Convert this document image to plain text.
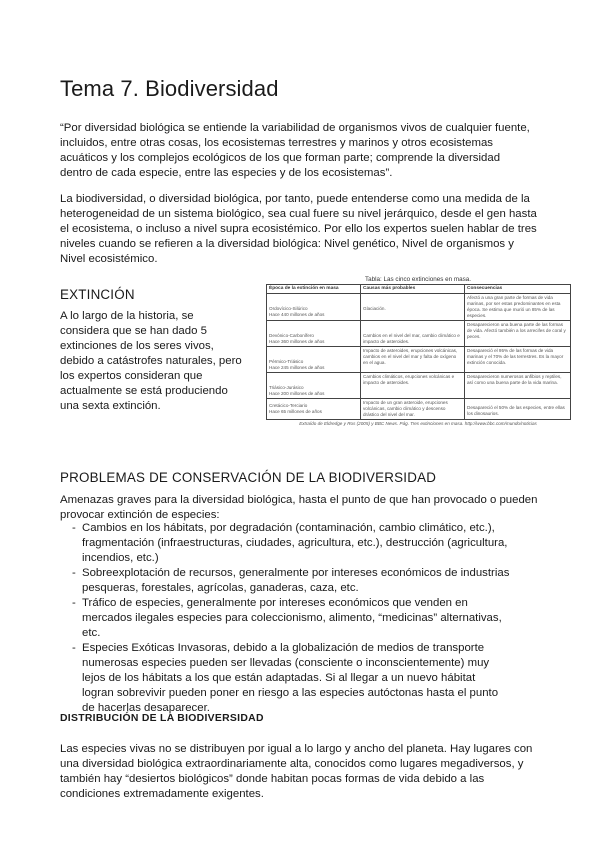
Tema 7. Biodiversidad

“Por diversidad biológica se entiende la variabilidad de organismos vivos de cualquier fuente, incluidos, entre otras cosas, los ecosistemas terrestres y marinos y otros ecosistemas acuáticos y los complejos ecológicos de los que forman parte; comprende la diversidad dentro de cada especie, entre las especies y de los ecosistemas”.

La biodiversidad, o diversidad biológica, por tanto, puede entenderse como una medida de la heterogeneidad de un sistema biológico, sea cual fuere su nivel jerárquico, desde el gen hasta el ecosistema, o incluso a nivel supra ecosistémico. Por ello los expertos suelen hablar de tres niveles cuando se refieren a la diversidad biológica: Nivel genético, Nivel de organismos y Nivel ecosistémico.

EXTINCIÓN

A lo largo de la historia, se considera que se han dado 5 extinciones de los seres vivos, debido a catástrofes naturales, pero los expertos consideran que actualmente se está produciendo una sexta extinción.

Tabla: Las cinco extinciones en masa.
Época de la extinción en masa	Causas más probables	Consecuencias
Ordovícico-Silúrico
Hace 440 millones de años	Glaciación.	Afectó a una gran parte de formas de vida marinas, por ser estas predominantes en esta época. Se estima que murió un 85% de las especies.
Devónico-Carbonífero
Hace 360 millones de años	Cambios en el nivel del mar, cambio climático e impacto de asteroides.	Desaparecieron una buena parte de las formas de vida. Afectó también a los arrecifes de coral y peces.
Pérmico-Triásico
Hace 245 millones de años	Impacto de asteroides, erupciones volcánicas, cambios en el nivel del mar y falta de oxígeno en el agua.	Desapareció el 95% de las formas de vida marinas y el 70% de las terrestres. Es la mayor extinción conocida.
Triásico-Jurásico
Hace 200 millones de años	Cambios climáticos, erupciones volcánicas e impacto de asteroides.	Desaparecieron numerosos anfibios y reptiles, así como una buena parte de la vida marina.
Cretácico-Terciario
Hace 65 millones de años	Impacto de un gran asteroide, erupciones volcánicas, cambio climático y descenso drástico del nivel del mar.	Desapareció el 50% de las especies, entre ellas los dinosaurios.
Extraído de Eldredge y Ros (2005) y BBC News. Pág. Tres extinciones en masa. http://www.bbc.com/mundo/noticias
PROBLEMAS DE CONSERVACIÓN DE LA BIODIVERSIDAD

Amenazas graves para la diversidad biológica, hasta el punto de que han provocado o pueden provocar extinción de especies:

- Cambios en los hábitats, por degradación (contaminación, cambio climático, etc.), fragmentación (infraestructuras, ciudades, agricultura, etc.), destrucción (agricultura, incendios, etc.)
- Sobreexplotación de recursos, generalmente por intereses económicos de industrias pesqueras, forestales, agrícolas, ganaderas, caza, etc.
- Tráfico de especies, generalmente por intereses económicos que venden en mercados ilegales especies para coleccionismo, alimento, “medicinas” alternativas, etc.
- Especies Exóticas Invasoras, debido a la globalización de medios de transporte numerosas especies pueden ser llevadas (consciente o inconscientemente) muy lejos de los hábitats a los que están adaptadas. Si al llegar a un nuevo hábitat logran sobrevivir pueden poner en riesgo a las especies autóctonas hasta el punto de hacerlas desaparecer.
DISTRIBUCIÓN DE LA BIODIVERSIDAD

Las especies vivas no se distribuyen por igual a lo largo y ancho del planeta. Hay lugares con una diversidad biológica extraordinariamente alta, conocidos como lugares megadiversos, y también hay “desiertos biológicos” donde habitan pocas formas de vida debido a las condiciones extremadamente exigentes.
